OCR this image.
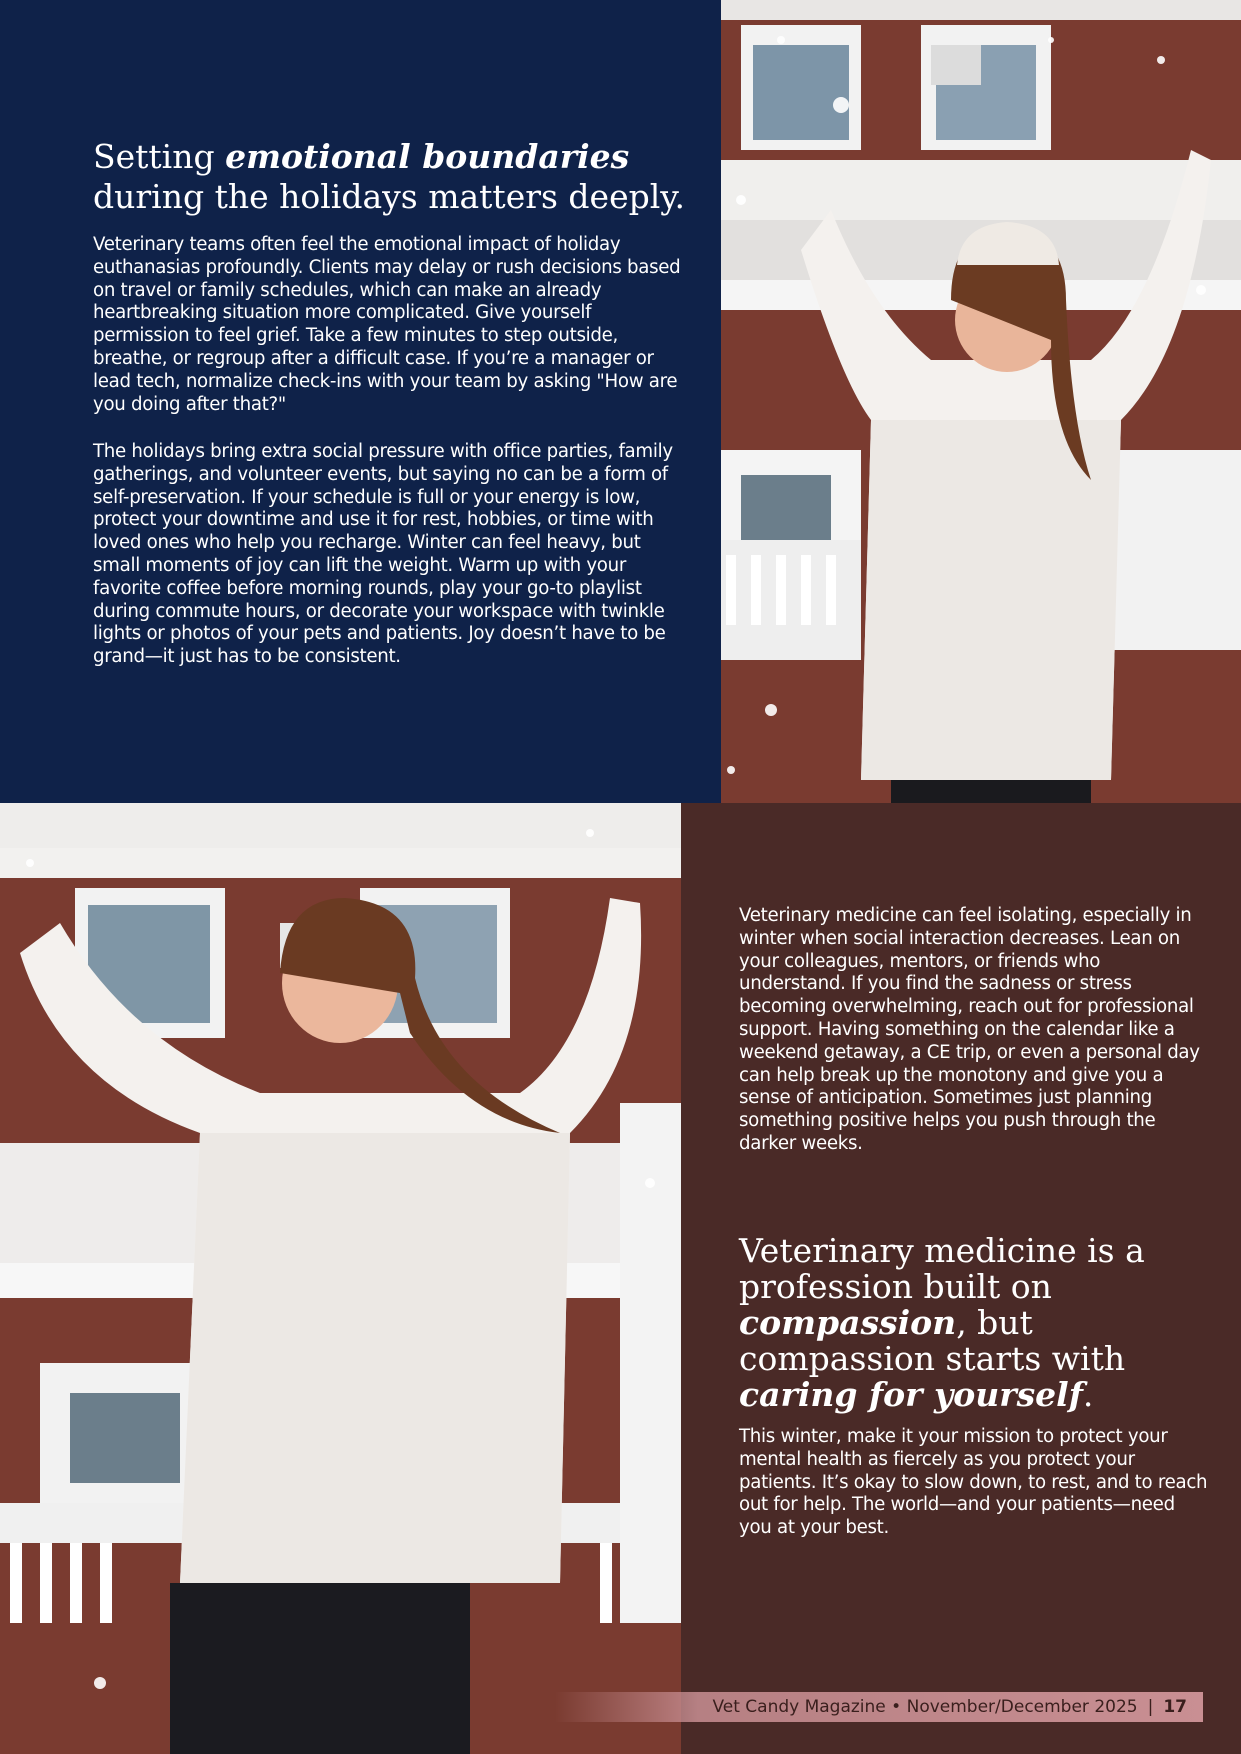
Setting emotional boundaries
during the holidays matters deeply.

Veterinary teams often feel the emotional impact of holiday euthanasias profoundly. Clients may delay or rush decisions based on travel or family schedules, which can make an already heartbreaking situation more complicated. Give yourself permission to feel grief. Take a few minutes to step outside, breathe, or regroup after a difficult case. If you’re a manager or lead tech, normalize check-ins with your team by asking "How are you doing after that?"

The holidays bring extra social pressure with office parties, family gatherings, and volunteer events, but saying no can be a form of self-preservation. If your schedule is full or your energy is low, protect your downtime and use it for rest, hobbies, or time with loved ones who help you recharge. Winter can feel heavy, but small moments of joy can lift the weight. Warm up with your favorite coffee before morning rounds, play your go-to playlist during commute hours, or decorate your workspace with twinkle lights or photos of your pets and patients. Joy doesn’t have to be grand—it just has to be consistent.

Veterinary medicine can feel isolating, especially in winter when social interaction decreases. Lean on your colleagues, mentors, or friends who understand. If you find the sadness or stress becoming overwhelming, reach out for professional support. Having something on the calendar like a weekend getaway, a CE trip, or even a personal day can help break up the monotony and give you a sense of anticipation. Sometimes just planning something positive helps you push through the darker weeks.

Veterinary medicine is a profession built on compassion, but compassion starts with caring for yourself.

This winter, make it your mission to protect your mental health as fiercely as you protect your patients. It’s okay to slow down, to rest, and to reach out for help. The world—and your patients—need you at your best.

Vet Candy Magazine • November/December 2025 | 17
